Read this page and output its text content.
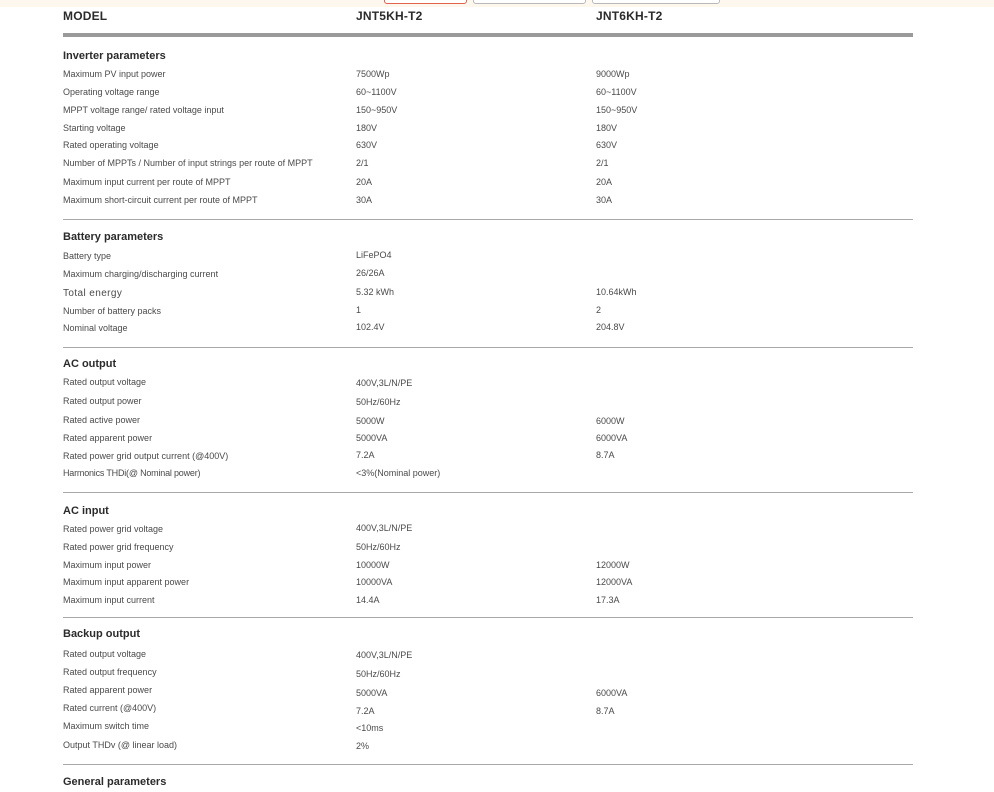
MODEL	JNT5KH-T2	JNT6KH-T2
Inverter parameters
Maximum PV input power	7500Wp	9000Wp
Operating voltage range	60~1100V	60~1100V
MPPT voltage range/ rated voltage input	150~950V	150~950V
Starting voltage	180V	180V
Rated operating voltage	630V	630V
Number of MPPTs / Number of input strings per route of MPPT	2/1	2/1
Maximum input current per route of MPPT	20A	20A
Maximum short-circuit current per route of MPPT	30A	30A
Battery parameters
Battery type	LiFePO4
Maximum charging/discharging current	26/26A
Total energy	5.32 kWh	10.64kWh
Number of battery packs	1	2
Nominal voltage	102.4V	204.8V
AC output
Rated output voltage	400V,3L/N/PE
Rated output power	50Hz/60Hz
Rated active power	5000W	6000W
Rated apparent power	5000VA	6000VA
Rated power grid output current (@400V)	7.2A	8.7A
Harmonics THDi(@ Nominal power)	<3%(Nominal power)
AC input
Rated power grid voltage	400V,3L/N/PE
Rated power grid frequency	50Hz/60Hz
Maximum input power	10000W	12000W
Maximum input apparent power	10000VA	12000VA
Maximum input current	14.4A	17.3A
Backup output
Rated output voltage	400V,3L/N/PE
Rated output frequency	50Hz/60Hz
Rated apparent power	5000VA	6000VA
Rated current (@400V)	7.2A	8.7A
Maximum switch time	<10ms
Output THDv (@ linear load)	2%
General parameters
